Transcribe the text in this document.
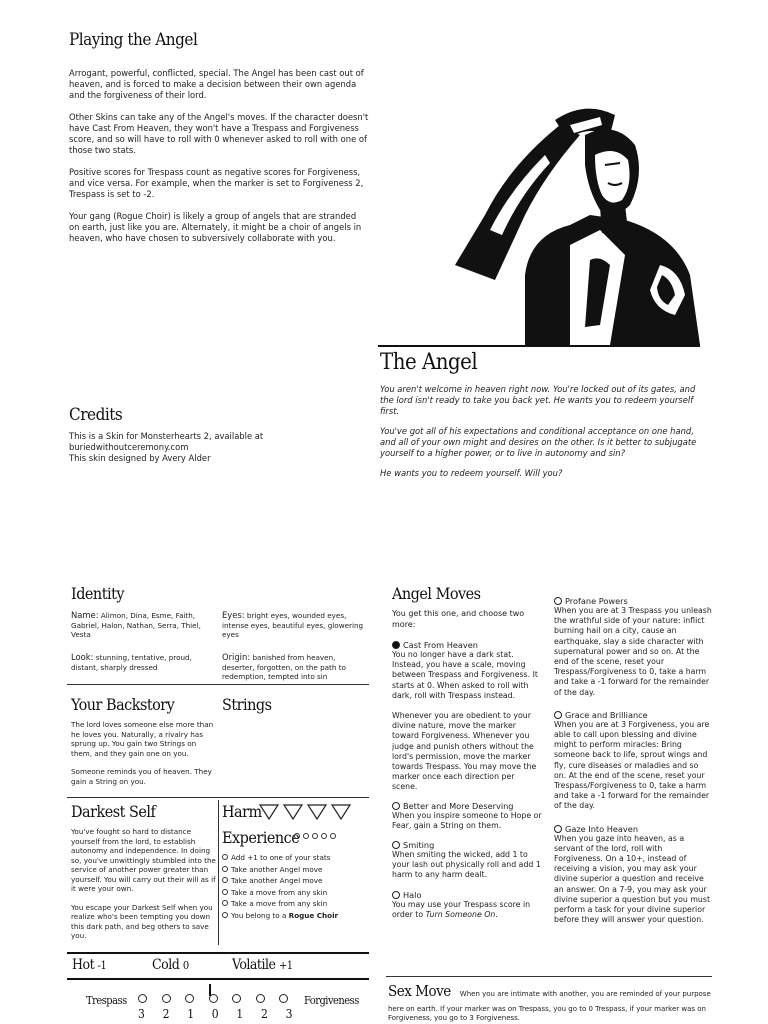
Playing the Angel

Arrogant, powerful, conflicted, special. The Angel has been cast out of heaven, and is forced to make a decision between their own agenda and the forgiveness of their lord.

Other Skins can take any of the Angel's moves. If the character doesn't have Cast From Heaven, they won't have a Trespass and Forgiveness score, and so will have to roll with 0 whenever asked to roll with one of those two stats.

Positive scores for Trespass count as negative scores for Forgiveness, and vice versa. For example, when the marker is set to Forgiveness 2, Trespass is set to -2.

Your gang (Rogue Choir) is likely a group of angels that are stranded on earth, just like you are. Alternately, it might be a choir of angels in heaven, who have chosen to subversively collaborate with you.

The Angel

You aren't welcome in heaven right now. You're locked out of its gates, and the lord isn't ready to take you back yet. He wants you to redeem yourself first.

You've got all of his expectations and conditional acceptance on one hand, and all of your own might and desires on the other. Is it better to subjugate yourself to a higher power, or to live in autonomy and sin?

He wants you to redeem yourself. Will you?

Credits

This is a Skin for Monsterhearts 2, available at

buriedwithoutceremony.com

This skin designed by Avery Alder

Identity
Name: Alimon, Dina, Esme, Faith, Gabriel, Halon, Nathan, Serra, Thiel, Vesta
Eyes: bright eyes, wounded eyes, intense eyes, beautiful eyes, glowering eyes
Look: stunning, tentative, proud, distant, sharply dressed
Origin: banished from heaven, deserter, forgotten, on the path to redemption, tempted into sin
Your Backstory

The lord loves someone else more than he loves you. Naturally, a rivalry has sprung up. You gain two Strings on them, and they gain one on you.

Someone reminds you of heaven. They gain a String on you.

Strings
Darkest Self

You've fought so hard to distance yourself from the lord, to establish autonomy and independence. In doing so, you've unwittingly stumbled into the service of another power greater than yourself. You will carry out their will as if it were your own.

You escape your Darkest Self when you realize who's been tempting you down this dark path, and beg others to save you.

Harm
Experience
Add +1 to one of your stats
Take another Angel move
Take another Angel move
Take a move from any skin
Take a move from any skin
You belong to a Rogue Choir
Hot -1	Cold 0	Volatile +1
Trespass	Forgiveness
3 2 1 0 1 2 3
Angel Moves

You get this one, and choose two more:

Cast From Heaven

You no longer have a dark stat. Instead, you have a scale, moving between Trespass and Forgiveness. It starts at 0. When asked to roll with dark, roll with Trespass instead.

Whenever you are obedient to your divine nature, move the marker toward Forgiveness. Whenever you judge and punish others without the lord's permission, move the marker towards Trespass. You may move the marker once each direction per scene.

Better and More Deserving

When you inspire someone to Hope or Fear, gain a String on them.

Smiting

When smiting the wicked, add 1 to your lash out physically roll and add 1 harm to any harm dealt.

Halo

You may use your Trespass score in order to Turn Someone On.

Profane Powers

When you are at 3 Trespass you unleash the wrathful side of your nature: inflict burning hail on a city, cause an earthquake, slay a side character with supernatural power and so on. At the end of the scene, reset your Trespass/Forgiveness to 0, take a harm and take a -1 forward for the remainder of the day.

Grace and Brilliance

When you are at 3 Forgiveness, you are able to call upon blessing and divine might to perform miracles: Bring someone back to life, sprout wings and fly, cure diseases or maladies and so on. At the end of the scene, reset your Trespass/Forgiveness to 0, take a harm and take a -1 forward for the remainder of the day.

Gaze Into Heaven

When you gaze into heaven, as a servant of the lord, roll with Forgiveness. On a 10+, instead of receiving a vision, you may ask your divine superior a question and receive an answer. On a 7-9, you may ask your divine superior a question but you must perform a task for your divine superior before they will answer your question.

Sex Move When you are intimate with another, you are reminded of your purpose
here on earth. If your marker was on Trespass, you go to 0 Trespass, if your marker was on Forgiveness, you go to 3 Forgiveness.
